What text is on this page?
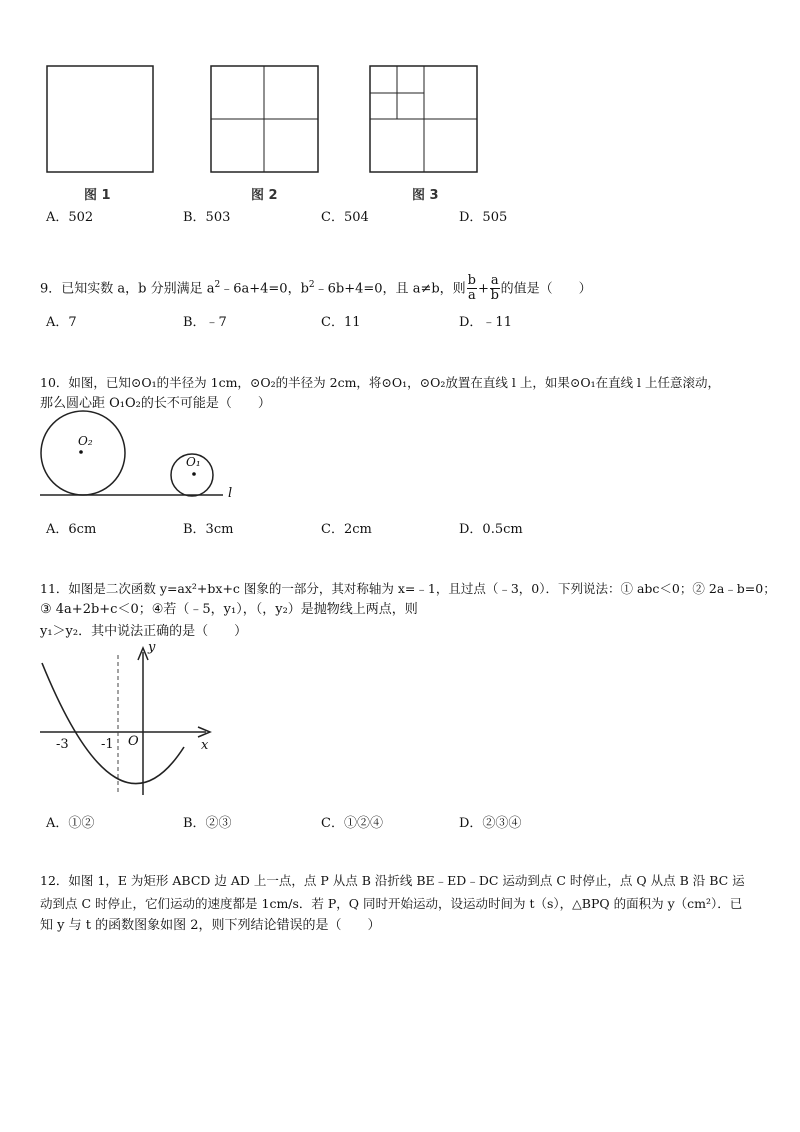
图 1	图 2	图 3
A．502	B．503	C．504	D．505
9．已知实数 a，b 分别满足 $a^2﹣6a+4=0$，$b^2﹣6b+4=0$，且 a≠b，则 $\frac{b}{a} + \frac{a}{b}$ 的值是（　　）
A．7	B．﹣7	C．11	D．﹣11
10．如图，已知⊙O₁的半径为 1cm，⊙O₂的半径为 2cm，将⊙O₁，⊙O₂放置在直线 l 上，如果⊙O₁在直线 l 上任意滚动，
那么圆心距 O₁O₂的长不可能是（　　）
O₂
O₁
l
A．6cm	B．3cm	C．2cm	D．0.5cm
11．如图是二次函数 y=ax²+bx+c 图象的一部分，其对称轴为 x=﹣1，且过点（﹣3，0）．下列说法：① abc＜0；② 2a﹣b=0；
③ 4a+2b+c＜0；④若（﹣5，y₁），（，y₂）是抛物线上两点，则
y₁＞y₂．其中说法正确的是（　　）
y
x
O
-3 -1
A．①②	B．②③	C．①②④	D．②③④
12．如图 1，E 为矩形 ABCD 边 AD 上一点，点 P 从点 B 沿折线 BE﹣ED﹣DC 运动到点 C 时停止，点 Q 从点 B 沿 BC 运
动到点 C 时停止，它们运动的速度都是 1cm/s．若 P，Q 同时开始运动，设运动时间为 t（s），△BPQ 的面积为 y（cm²）．已
知 y 与 t 的函数图象如图 2，则下列结论错误的是（　　）
